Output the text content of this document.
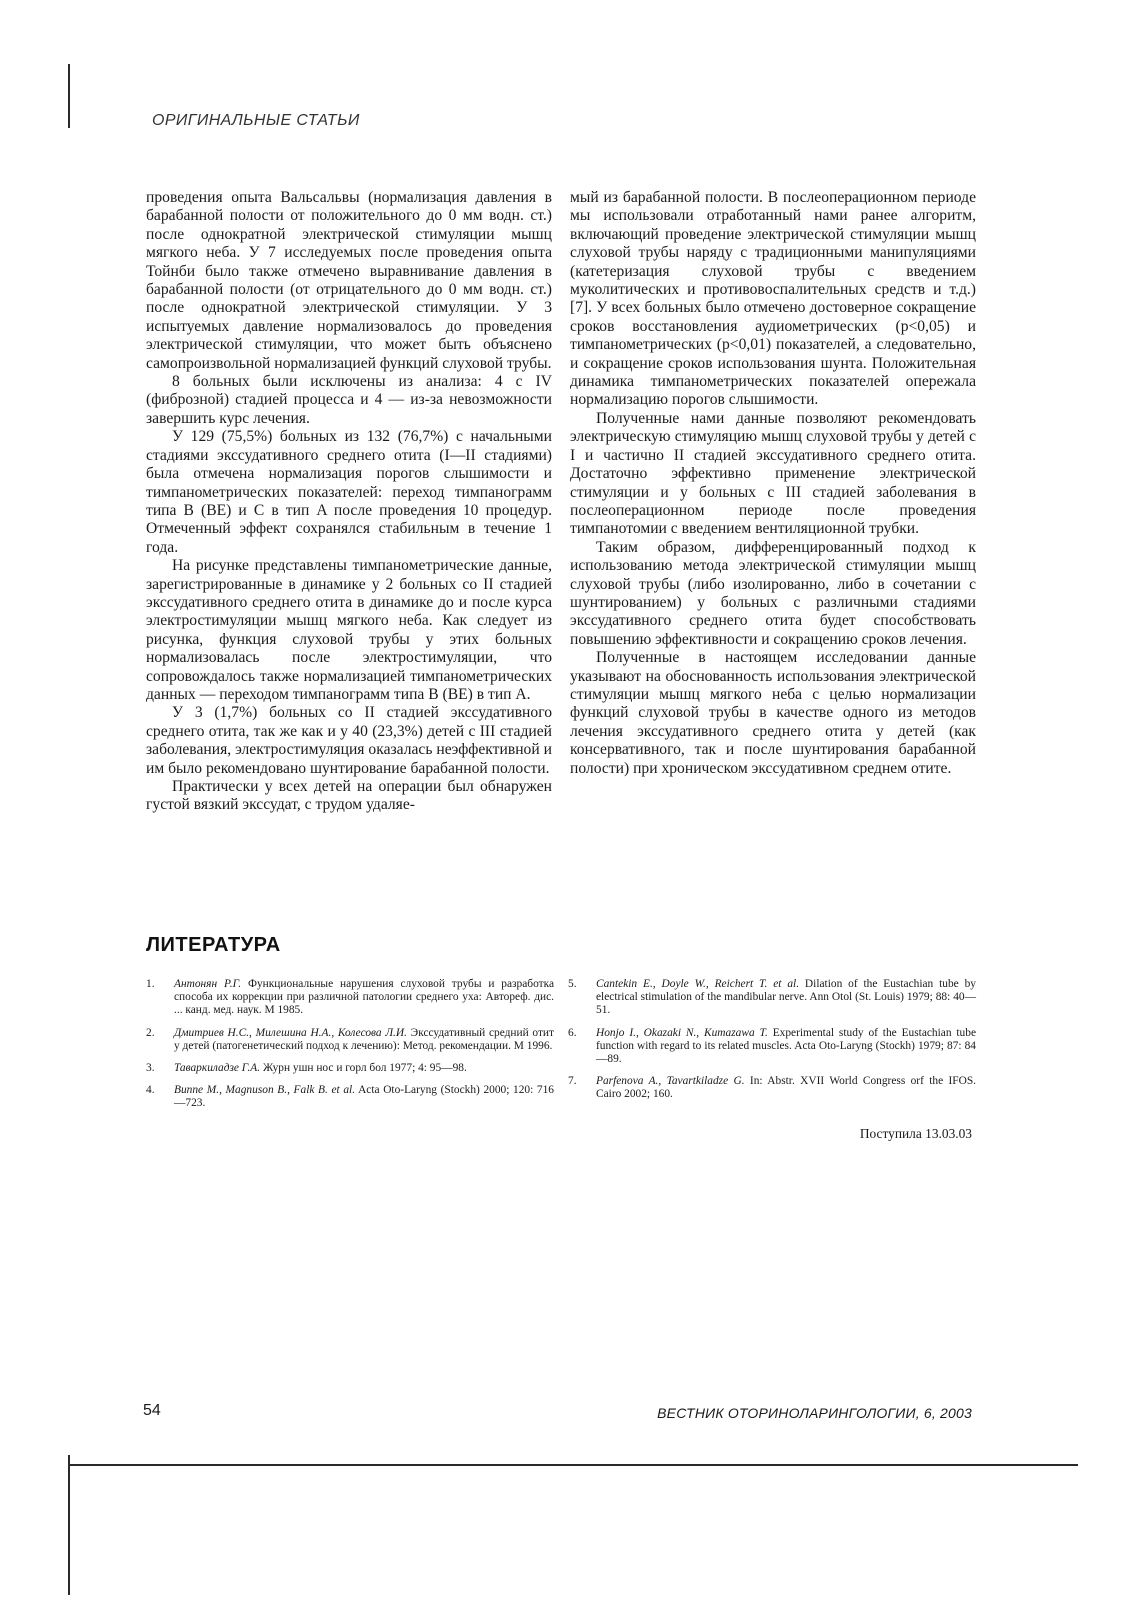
ОРИГИНАЛЬНЫЕ СТАТЬИ

проведения опыта Вальсальвы (нормализация давления в барабанной полости от положительного до 0 мм водн. ст.) после однократной электрической стимуляции мышц мягкого неба. У 7 исследуемых после проведения опыта Тойнби было также отмечено выравнивание давления в барабанной полости (от отрицательного до 0 мм водн. ст.) после однократной электрической стимуляции. У 3 испытуемых давление нормализовалось до проведения электрической стимуляции, что может быть объяснено самопроизвольной нормализацией функций слуховой трубы.

8 больных были исключены из анализа: 4 с IV (фиброзной) стадией процесса и 4 — из-за невозможности завершить курс лечения.

У 129 (75,5%) больных из 132 (76,7%) с начальными стадиями экссудативного среднего отита (I—II стадиями) была отмечена нормализация порогов слышимости и тимпанометрических показателей: переход тимпанограмм типа B (BE) и C в тип A после проведения 10 процедур. Отмеченный эффект сохранялся стабильным в течение 1 года.

На рисунке представлены тимпанометрические данные, зарегистрированные в динамике у 2 больных со II стадией экссудативного среднего отита в динамике до и после курса электростимуляции мышц мягкого неба. Как следует из рисунка, функция слуховой трубы у этих больных нормализовалась после электростимуляции, что сопровождалось также нормализацией тимпанометрических данных — переходом тимпанограмм типа B (BE) в тип A.

У 3 (1,7%) больных со II стадией экссудативного среднего отита, так же как и у 40 (23,3%) детей с III стадией заболевания, электростимуляция оказалась неэффективной и им было рекомендовано шунтирование барабанной полости.

Практически у всех детей на операции был обнаружен густой вязкий экссудат, с трудом удаляе-

мый из барабанной полости. В послеоперационном периоде мы использовали отработанный нами ранее алгоритм, включающий проведение электрической стимуляции мышц слуховой трубы наряду с традиционными манипуляциями (катетеризация слуховой трубы с введением муколитических и противовоспалительных средств и т.д.) [7]. У всех больных было отмечено достоверное сокращение сроков восстановления аудиометрических (p<0,05) и тимпанометрических (p<0,01) показателей, а следовательно, и сокращение сроков использования шунта. Положительная динамика тимпанометрических показателей опережала нормализацию порогов слышимости.

Полученные нами данные позволяют рекомендовать электрическую стимуляцию мышц слуховой трубы у детей с I и частично II стадией экссудативного среднего отита. Достаточно эффективно применение электрической стимуляции и у больных с III стадией заболевания в послеоперационном периоде после проведения тимпанотомии с введением вентиляционной трубки.

Таким образом, дифференцированный подход к использованию метода электрической стимуляции мышц слуховой трубы (либо изолированно, либо в сочетании с шунтированием) у больных с различными стадиями экссудативного среднего отита будет способствовать повышению эффективности и сокращению сроков лечения.

Полученные в настоящем исследовании данные указывают на обоснованность использования электрической стимуляции мышц мягкого неба с целью нормализации функций слуховой трубы в качестве одного из методов лечения экссудативного среднего отита у детей (как консервативного, так и после шунтирования барабанной полости) при хроническом экссудативном среднем отите.

ЛИТЕРАТУРА
1.	Антонян Р.Г. Функциональные нарушения слуховой трубы и разработка способа их коррекции при различной патологии среднего уха: Автореф. дис. ... канд. мед. наук. М 1985.
2.	Дмитриев Н.С., Милешина Н.А., Колесова Л.И. Экссудативный средний отит у детей (патогенетический подход к лечению): Метод. рекомендации. М 1996.
3.	Таваркиладзе Г.А. Журн ушн нос и горл бол 1977; 4: 95—98.
4.	Bunne M., Magnuson B., Falk B. et al. Acta Oto-Laryng (Stockh) 2000; 120: 716—723.
5.	Cantekin E., Doyle W., Reichert T. et al. Dilation of the Eustachian tube by electrical stimulation of the mandibular nerve. Ann Otol (St. Louis) 1979; 88: 40—51.
6.	Honjo I., Okazaki N., Kumazawa T. Experimental study of the Eustachian tube function with regard to its related muscles. Acta Oto-Laryng (Stockh) 1979; 87: 84—89.
7.	Parfenova A., Tavartkiladze G. In: Abstr. XVII World Congress orf the IFOS. Cairo 2002; 160.
Поступила 13.03.03
54	ВЕСТНИК ОТОРИНОЛАРИНГОЛОГИИ, 6, 2003
